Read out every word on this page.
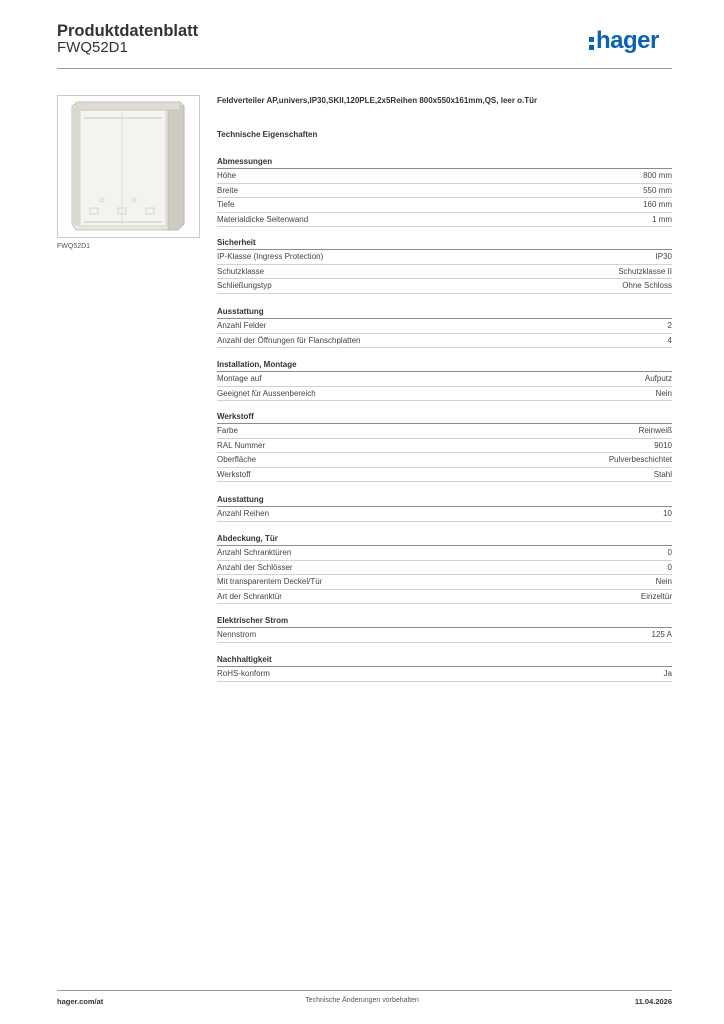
Produktdatenblatt
FWQ52D1	hager
FWQ52D1
Feldverteiler AP,univers,IP30,SKII,120PLE,2x5Reihen 800x550x161mm,QS, leer o.Tür
Technische Eigenschaften
Abmessungen
Höhe	800 mm
Breite	550 mm
Tiefe	160 mm
Materialdicke Seitenwand	1 mm
Sicherheit
IP-Klasse (Ingress Protection)	IP30
Schutzklasse	Schutzklasse II
Schließungstyp	Ohne Schloss
Ausstattung
Anzahl Felder	2
Anzahl der Öffnungen für Flanschplatten	4
Installation, Montage
Montage auf	Aufputz
Geeignet für Aussenbereich	Nein
Werkstoff
Farbe	Reinweiß
RAL Nummer	9010
Oberfläche	Pulverbeschichtet
Werkstoff	Stahl
Ausstattung
Anzahl Reihen	10
Abdeckung, Tür
Anzahl Schranktüren	0
Anzahl der Schlösser	0
Mit transparentem Deckel/Tür	Nein
Art der Schranktür	Einzeltür
Elektrischer Strom
Nennstrom	125 A
Nachhaltigkeit
RoHS-konform	Ja
hager.com/at	Technische Änderungen vorbehalten	11.04.2026
